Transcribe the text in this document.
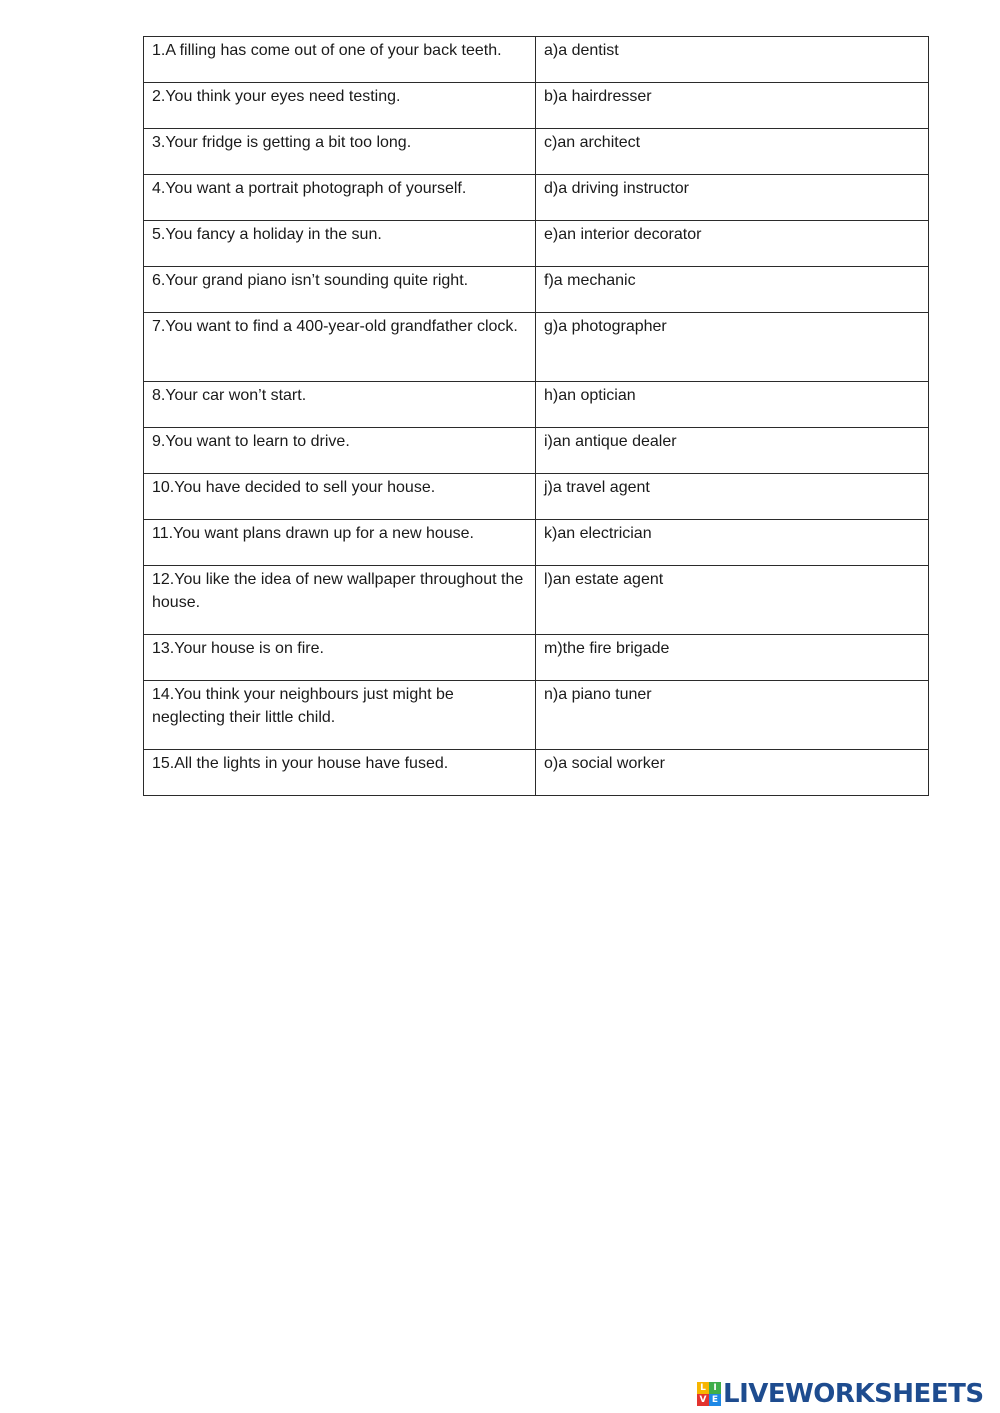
1.A filling has come out of one of your back teeth.	a)a dentist
2.You think your eyes need testing.	b)a hairdresser
3.Your fridge is getting a bit too long.	c)an architect
4.You want a portrait photograph of yourself.	d)a driving instructor
5.You fancy a holiday in the sun.	e)an interior decorator
6.Your grand piano isn’t sounding quite right.	f)a mechanic
7.You want to find a 400-year-old grandfather clock.	g)a photographer
8.Your car won’t start.	h)an optician
9.You want to learn to drive.	i)an antique dealer
10.You have decided to sell your house.	j)a travel agent
11.You want plans drawn up for a new house.	k)an electrician
12.You like the idea of new wallpaper throughout the house.	l)an estate agent
13.Your house is on fire.	m)the fire brigade
14.You think your neighbours just might be neglecting their little child.	n)a piano tuner
15.All the lights in your house have fused.	o)a social worker
L I
V E LIVEWORKSHEETS
